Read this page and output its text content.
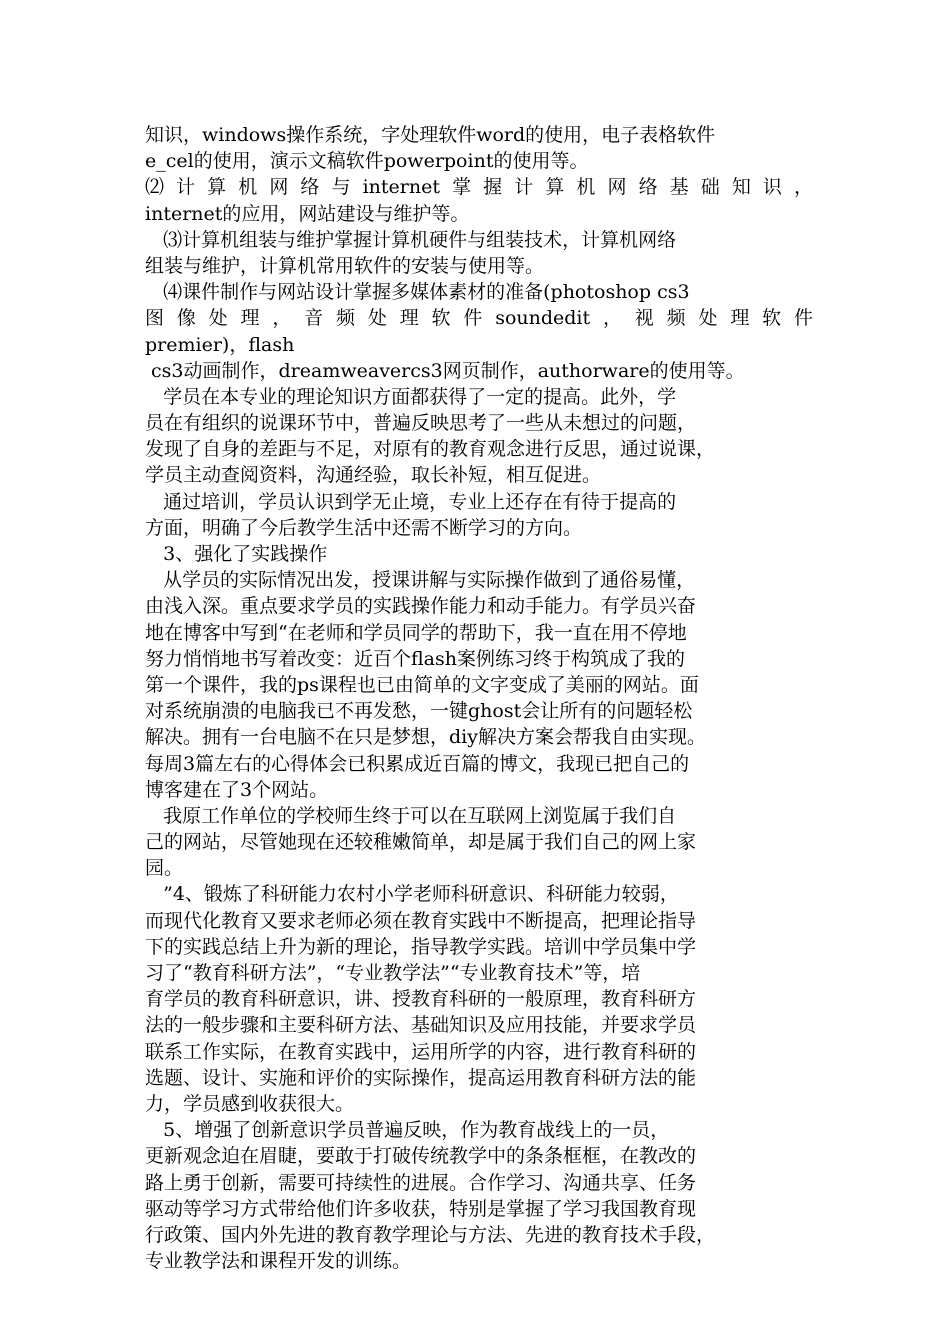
知识，windows操作系统，字处理软件word的使用，电子表格软件
e_cel的使用，演示文稿软件powerpoint的使用等。
⑵计算机网络与internet掌握计算机网络基础知识，
internet的应用，网站建设与维护等。
⑶计算机组装与维护掌握计算机硬件与组装技术，计算机网络
组装与维护，计算机常用软件的安装与使用等。
⑷课件制作与网站设计掌握多媒体素材的准备(photoshop cs3
图像处理，音频处理软件soundedit，视频处理软件
premier)，flash
cs3动画制作，dreamweavercs3网页制作，authorware的使用等。
学员在本专业的理论知识方面都获得了一定的提高。此外，学
员在有组织的说课环节中，普遍反映思考了一些从未想过的问题，
发现了自身的差距与不足，对原有的教育观念进行反思，通过说课，
学员主动查阅资料，沟通经验，取长补短，相互促进。
通过培训，学员认识到学无止境，专业上还存在有待于提高的
方面，明确了今后教学生活中还需不断学习的方向。
3、强化了实践操作
从学员的实际情况出发，授课讲解与实际操作做到了通俗易懂，
由浅入深。重点要求学员的实践操作能力和动手能力。有学员兴奋
地在博客中写到“在老师和学员同学的帮助下，我一直在用不停地
努力悄悄地书写着改变：近百个flash案例练习终于构筑成了我的
第一个课件，我的ps课程也已由简单的文字变成了美丽的网站。面
对系统崩溃的电脑我已不再发愁，一键ghost会让所有的问题轻松
解决。拥有一台电脑不在只是梦想，diy解决方案会帮我自由实现。
每周3篇左右的心得体会已积累成近百篇的博文，我现已把自己的
博客建在了3个网站。
我原工作单位的学校师生终于可以在互联网上浏览属于我们自
己的网站，尽管她现在还较稚嫩简单，却是属于我们自己的网上家
园。
”4、锻炼了科研能力农村小学老师科研意识、科研能力较弱，
而现代化教育又要求老师必须在教育实践中不断提高，把理论指导
下的实践总结上升为新的理论，指导教学实践。培训中学员集中学
习了“教育科研方法”，“专业教学法”“专业教育技术”等，培
育学员的教育科研意识，讲、授教育科研的一般原理，教育科研方
法的一般步骤和主要科研方法、基础知识及应用技能，并要求学员
联系工作实际，在教育实践中，运用所学的内容，进行教育科研的
选题、设计、实施和评价的实际操作，提高运用教育科研方法的能
力，学员感到收获很大。
5、增强了创新意识学员普遍反映，作为教育战线上的一员，
更新观念迫在眉睫，要敢于打破传统教学中的条条框框，在教改的
路上勇于创新，需要可持续性的进展。合作学习、沟通共享、任务
驱动等学习方式带给他们许多收获，特别是掌握了学习我国教育现
行政策、国内外先进的教育教学理论与方法、先进的教育技术手段，
专业教学法和课程开发的训练。
